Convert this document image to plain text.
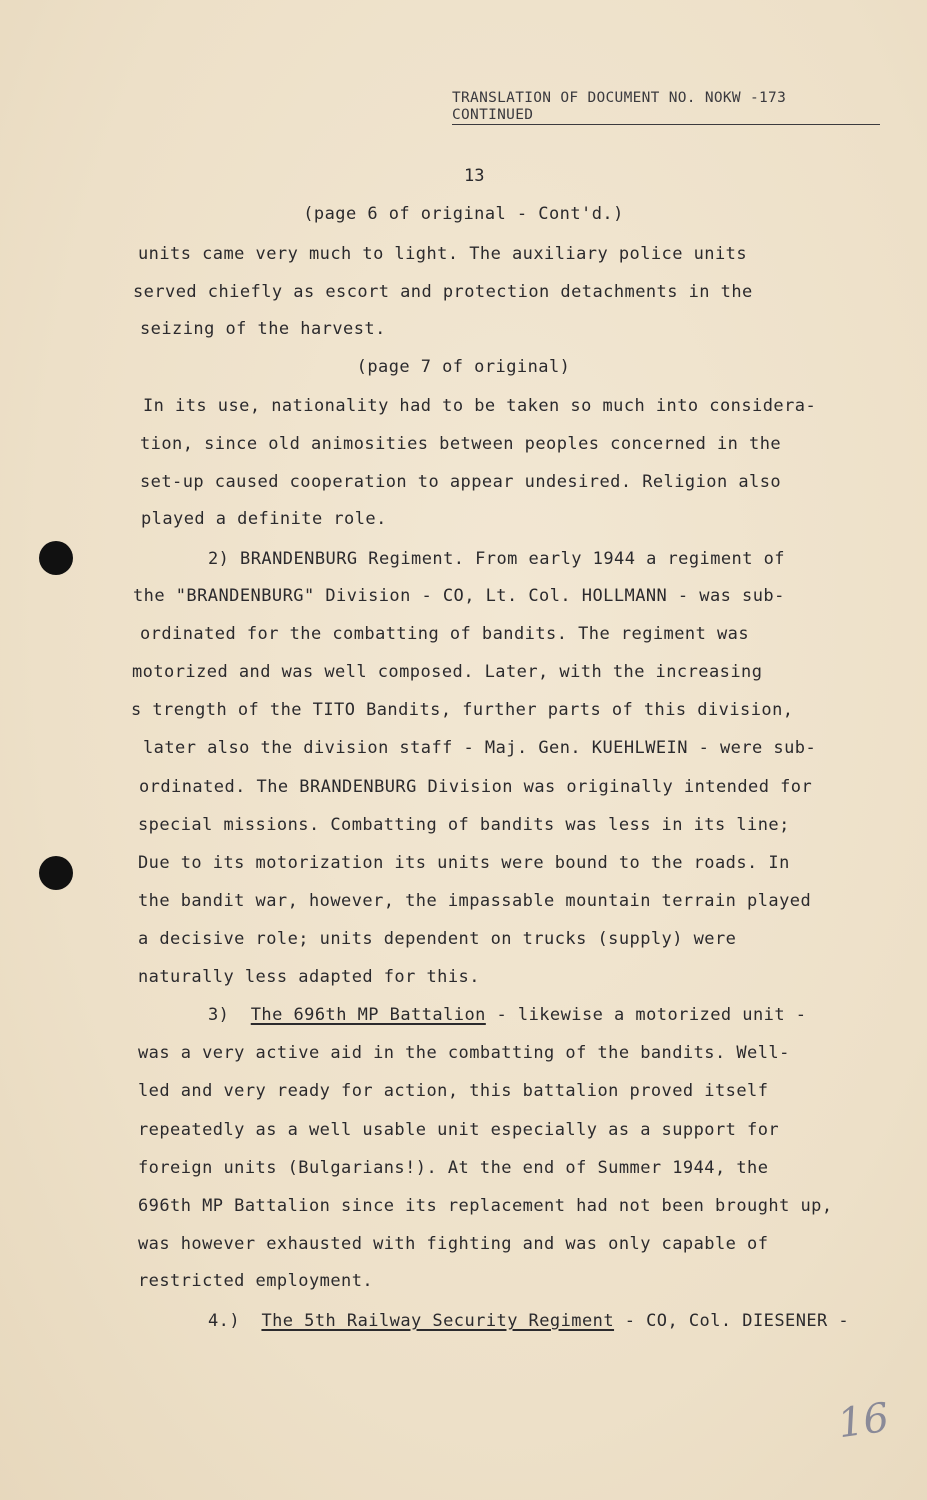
TRANSLATION OF DOCUMENT NO. NOKW -173
CONTINUED
13
(page 6 of original - Cont'd.)
units came very much to light. The auxiliary police units
served chiefly as escort and protection detachments in the
seizing of the harvest.
(page 7 of original)
In its use, nationality had to be taken so much into considera-
tion, since old animosities between peoples concerned in the
set-up caused cooperation to appear undesired. Religion also
played a definite role.
2) BRANDENBURG Regiment. From early 1944 a regiment of
the "BRANDENBURG" Division - CO, Lt. Col. HOLLMANN - was sub-
ordinated for the combatting of bandits. The regiment was
motorized and was well composed. Later, with the increasing
s trength of the TITO Bandits, further parts of this division,
later also the division staff - Maj. Gen. KUEHLWEIN - were sub-
ordinated. The BRANDENBURG Division was originally intended for
special missions. Combatting of bandits was less in its line;
Due to its motorization its units were bound to the roads. In
the bandit war, however, the impassable mountain terrain played
a decisive role; units dependent on trucks (supply) were
naturally less adapted for this.
3) The 696th MP Battalion - likewise a motorized unit -
was a very active aid in the combatting of the bandits. Well-
led and very ready for action, this battalion proved itself
repeatedly as a well usable unit especially as a support for
foreign units (Bulgarians!). At the end of Summer 1944, the
696th MP Battalion since its replacement had not been brought up,
was however exhausted with fighting and was only capable of
restricted employment.
4.) The 5th Railway Security Regiment - CO, Col. DIESENER -
16
